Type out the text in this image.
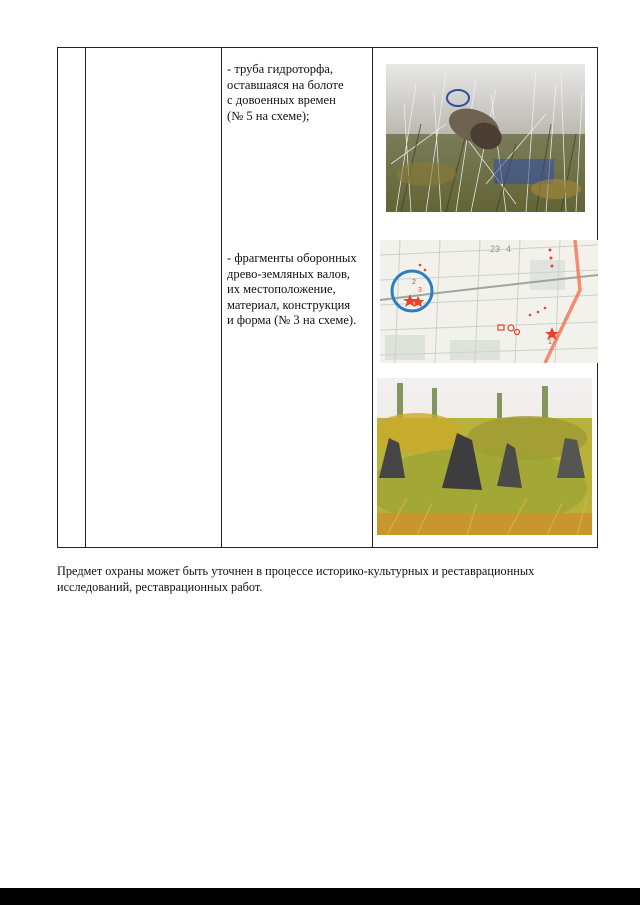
- труба гидроторфа,
оставшаяся на болоте
с довоенных времен
(№ 5 на схеме);
- фрагменты оборонных
древо-земляных валов,
их местоположение,
материал, конструкция
и форма (№ 3 на схеме).
2
3
1
23 4
Предмет охраны может быть уточнен в процессе историко-культурных и реставрационных исследований, реставрационных работ.
